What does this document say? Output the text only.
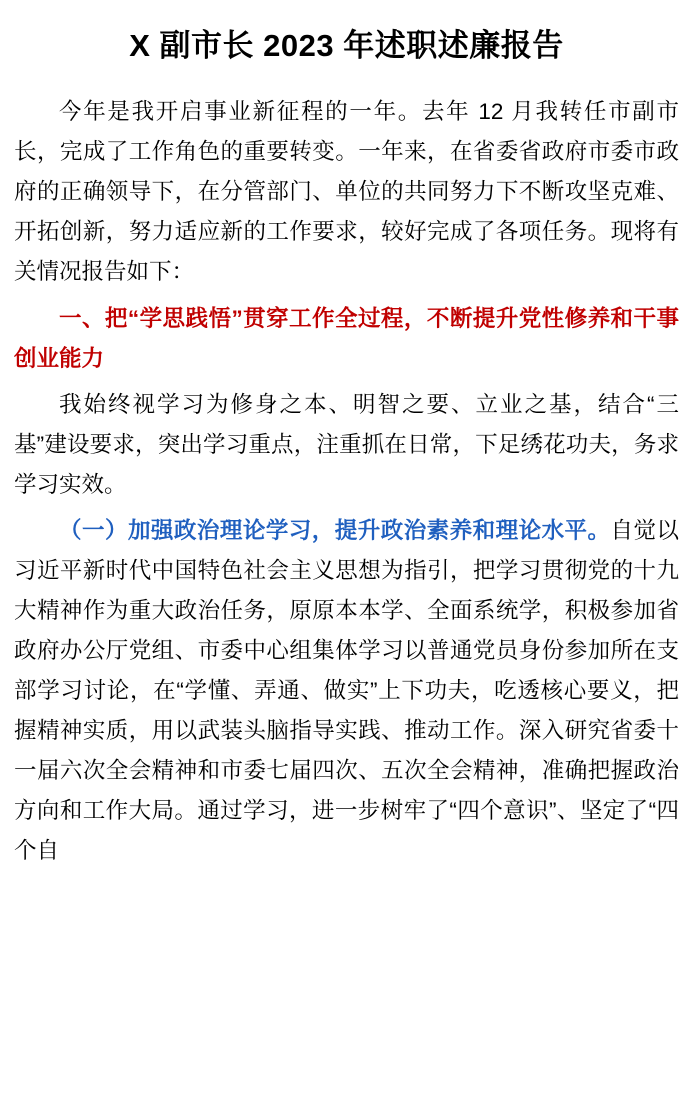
X 副市长 2023 年述职述廉报告

今年是我开启事业新征程的一年。去年 12 月我转任市副市长，完成了工作角色的重要转变。一年来，在省委省政府市委市政府的正确领导下，在分管部门、单位的共同努力下不断攻坚克难、开拓创新，努力适应新的工作要求，较好完成了各项任务。现将有关情况报告如下：

一、把“学思践悟”贯穿工作全过程，不断提升党性修养和干事创业能力

我始终视学习为修身之本、明智之要、立业之基，结合“三基”建设要求，突出学习重点，注重抓在日常，下足绣花功夫，务求学习实效。

（一）加强政治理论学习，提升政治素养和理论水平。自觉以习近平新时代中国特色社会主义思想为指引，把学习贯彻党的十九大精神作为重大政治任务，原原本本学、全面系统学，积极参加省政府办公厅党组、市委中心组集体学习以普通党员身份参加所在支部学习讨论，在“学懂、弄通、做实”上下功夫，吃透核心要义，把握精神实质，用以武装头脑指导实践、推动工作。深入研究省委十一届六次全会精神和市委七届四次、五次全会精神，准确把握政治方向和工作大局。通过学习，进一步树牢了“四个意识”、坚定了“四个自
